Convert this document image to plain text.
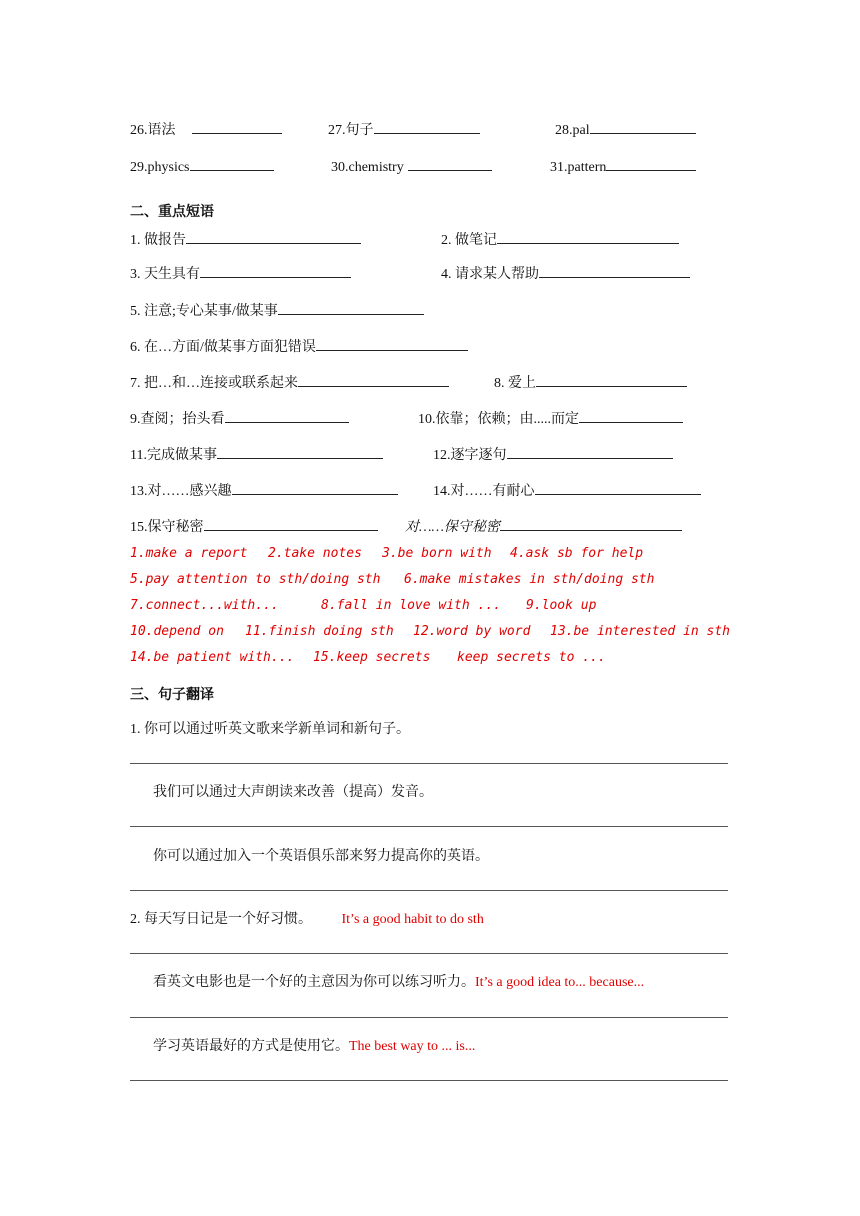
26.语法	27.句子	28.pal
29.physics	30.chemistry	31.pattern
二、重点短语
1. 做报告	2. 做笔记
3. 天生具有	4. 请求某人帮助
5. 注意;专心某事/做某事
6. 在…方面/做某事方面犯错误
7. 把…和…连接或联系起来	8. 爱上
9.查阅；抬头看	10.依靠；依赖；由.....而定
11.完成做某事	12.逐字逐句
13.对……感兴趣	14.对……有耐心
15.保守秘密	对……保守秘密
1.make a report 2.take notes 3.be born with 4.ask sb for help
5.pay attention to sth/doing sth 6.make mistakes in sth/doing sth
7.connect...with...	8.fall in love with ... 9.look up
10.depend on 11.finish doing sth 12.word by word 13.be interested in sth
14.be patient with... 15.keep secrets keep secrets to ...
三、句子翻译
1. 你可以通过听英文歌来学新单词和新句子。
我们可以通过大声朗读来改善（提高）发音。
你可以通过加入一个英语俱乐部来努力提高你的英语。
2. 每天写日记是一个好习惯。 It’s a good habit to do sth
看英文电影也是一个好的主意因为你可以练习听力。It’s a good idea to... because...
学习英语最好的方式是使用它。The best way to ... is...
